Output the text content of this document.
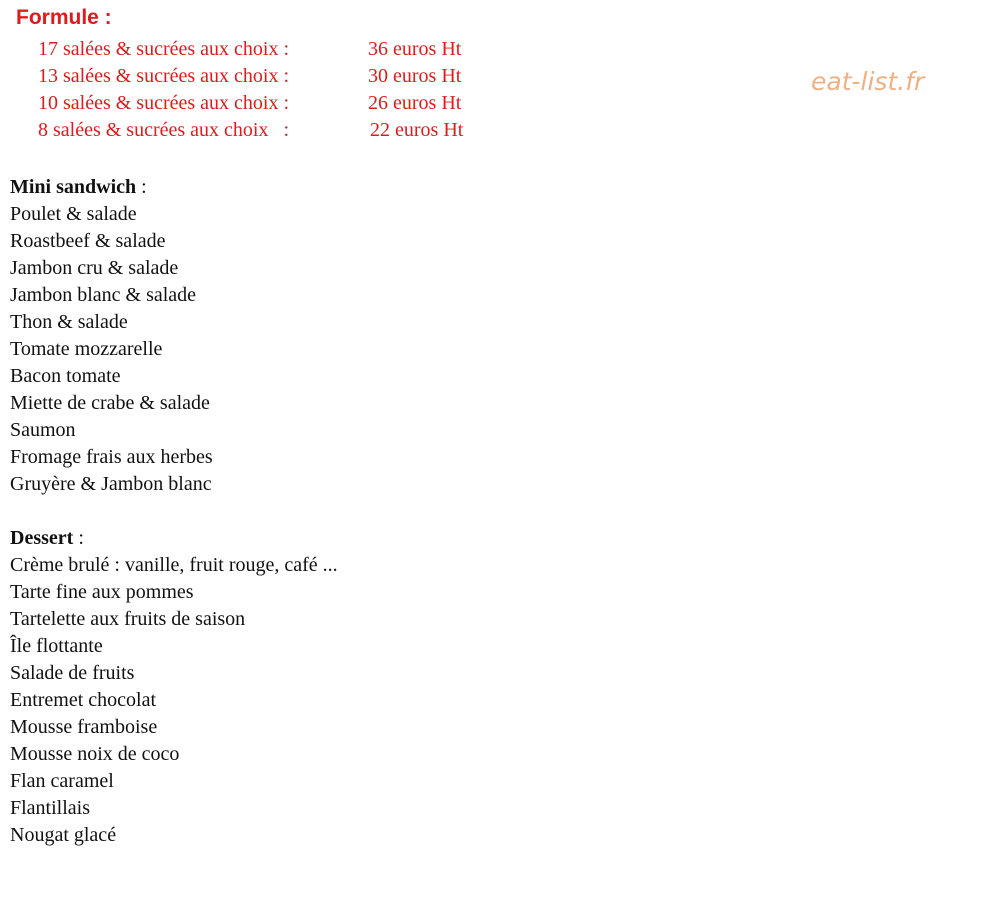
Formule :
17 salées & sucrées aux choix :	36 euros Ht
13 salées & sucrées aux choix :	30 euros Ht
10 salées & sucrées aux choix :	26 euros Ht
8 salées & sucrées aux choix   :	22 euros Ht
eat-list.fr
Mini sandwich :
Poulet & salade
Roastbeef & salade
Jambon cru & salade
Jambon blanc & salade
Thon & salade
Tomate mozzarelle
Bacon tomate
Miette de crabe & salade
Saumon
Fromage frais aux herbes
Gruyère & Jambon blanc
Dessert :
Crème brulé : vanille, fruit rouge, café ...
Tarte fine aux pommes
Tartelette aux fruits de saison
Île flottante
Salade de fruits
Entremet chocolat
Mousse framboise
Mousse noix de coco
Flan caramel
Flantillais
Nougat glacé
